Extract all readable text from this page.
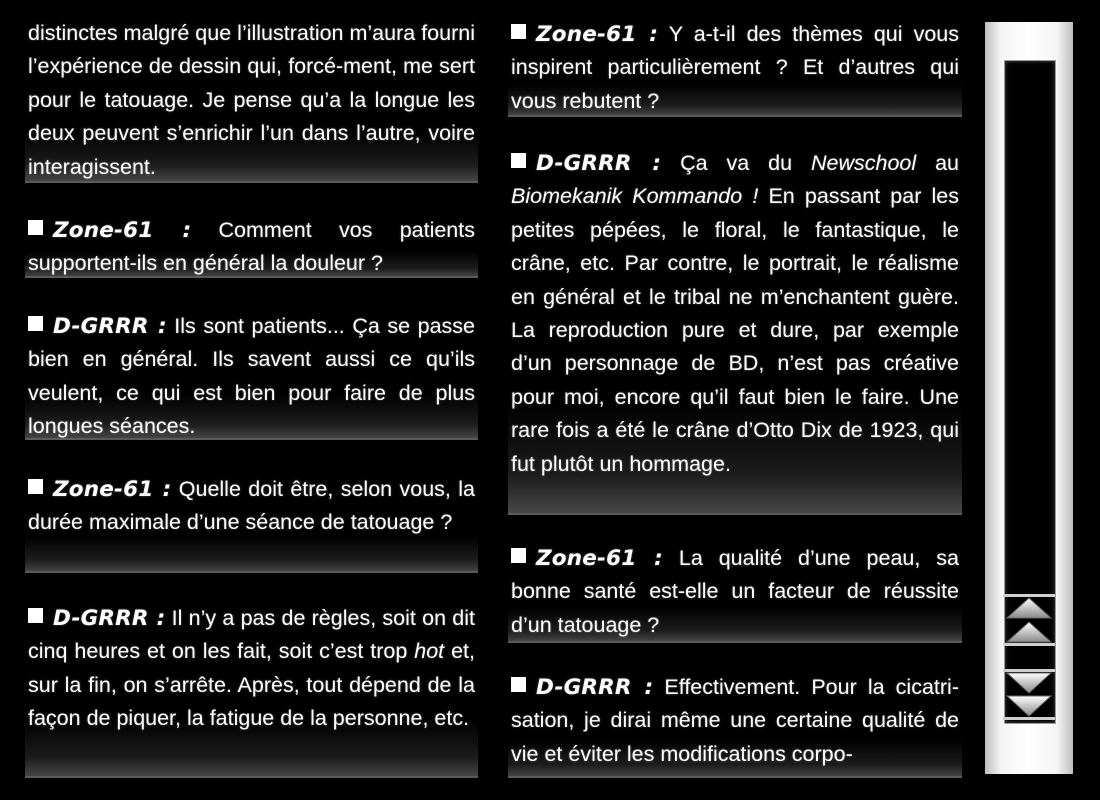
distinctes malgré que l’illustration m’aura fourni l’expérience de dessin qui, forcé-ment, me sert pour le tatouage. Je pense qu’a la longue les deux peuvent s’enrichir l’un dans l’autre, voire interagissent.

Zone-61 : Comment vos patients supportent-ils en général la douleur ?

D-GRRR : Ils sont patients... Ça se passe bien en général. Ils savent aussi ce qu’ils veulent, ce qui est bien pour faire de plus longues séances.

Zone-61 : Quelle doit être, selon vous, la durée maximale d’une séance de tatouage ?

D-GRRR : Il n’y a pas de règles, soit on dit cinq heures et on les fait, soit c’est trop hot et, sur la fin, on s’arrête. Après, tout dépend de la façon de piquer, la fatigue de la personne, etc.

Zone-61 : Y a-t-il des thèmes qui vous inspirent particulièrement ? Et d’autres qui vous rebutent ?

D-GRRR : Ça va du Newschool au Biomekanik Kommando ! En passant par les petites pépées, le floral, le fantastique, le crâne, etc. Par contre, le portrait, le réalisme en général et le tribal ne m’enchantent guère. La reproduction pure et dure, par exemple d’un personnage de BD, n’est pas créative pour moi, encore qu’il faut bien le faire. Une rare fois a été le crâne d’Otto Dix de 1923, qui fut plutôt un hommage.

Zone-61 : La qualité d’une peau, sa bonne santé est-elle un facteur de réussite d’un tatouage ?

D-GRRR : Effectivement. Pour la cicatri-sation, je dirai même une certaine qualité de vie et éviter les modifications corpo-
